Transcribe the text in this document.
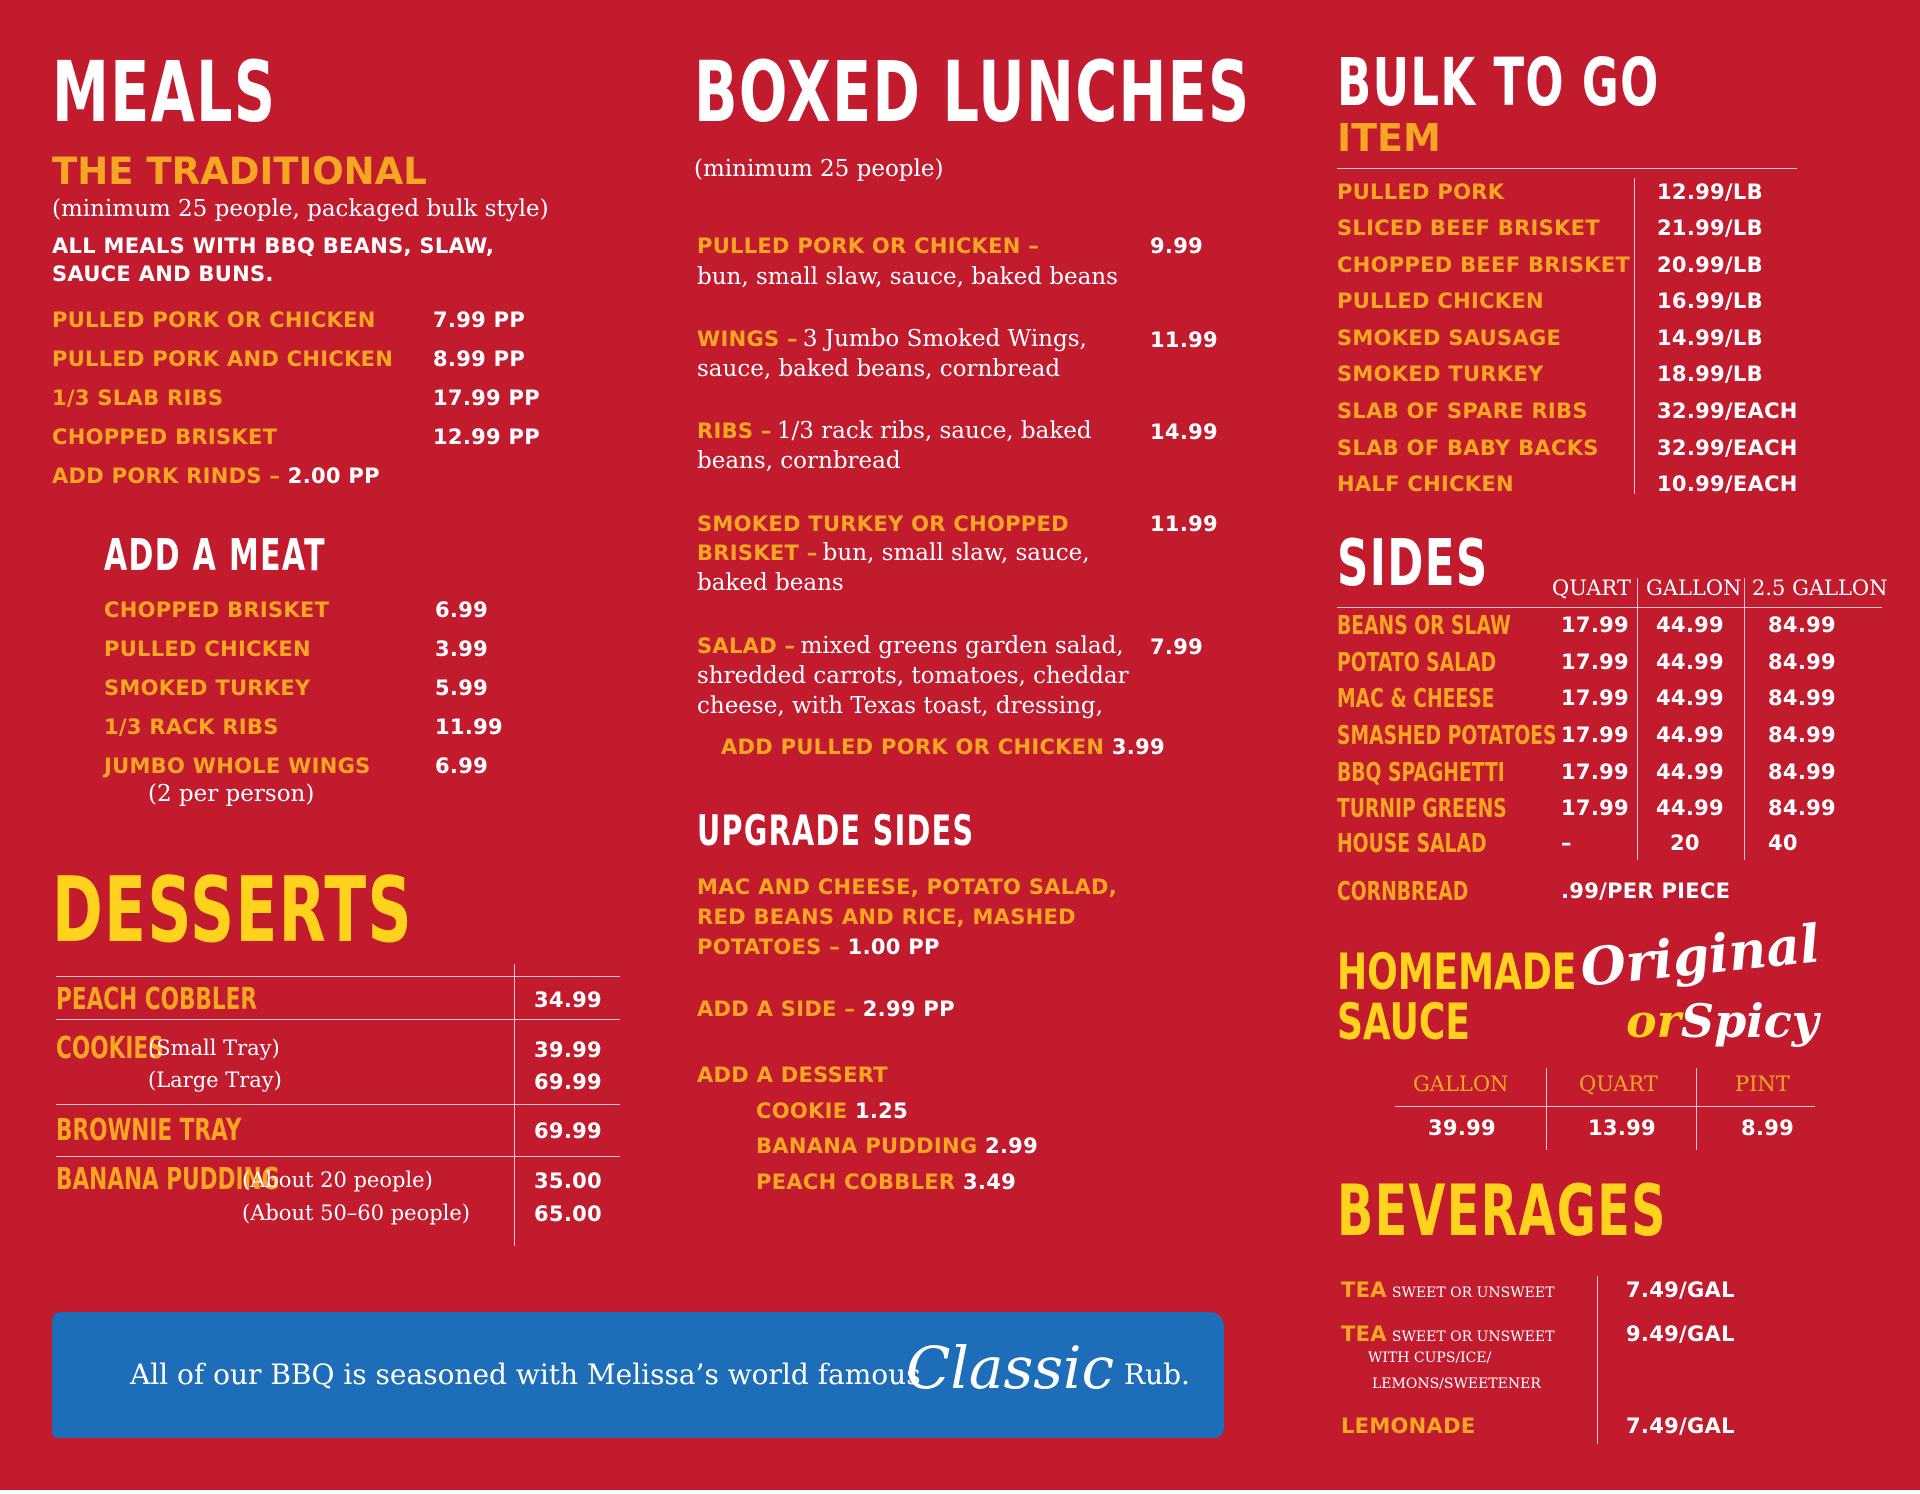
MEALS
THE TRADITIONAL
(minimum 25 people, packaged bulk style)
ALL MEALS WITH BBQ BEANS, SLAW,
SAUCE AND BUNS.
PULLED PORK OR CHICKEN	7.99 PP
PULLED PORK AND CHICKEN 8.99 PP
1/3 SLAB RIBS	17.99 PP
CHOPPED BRISKET	12.99 PP
ADD PORK RINDS – 2.00 PP
ADD A MEAT
CHOPPED BRISKET	6.99
PULLED CHICKEN	3.99
SMOKED TURKEY	5.99
1/3 RACK RIBS	11.99
JUMBO WHOLE WINGS	6.99
(2 per person)
DESSERTS
PEACH COBBLER	34.99
COOKIES
(Small Tray)	39.99
(Large Tray)	69.99
BROWNIE TRAY	69.99
BANANA PUDDING
(About 20 people)	35.00
(About 50–60 people)	65.00
BOXED LUNCHES
(minimum 25 people)
PULLED PORK OR CHICKEN –	9.99
bun, small slaw, sauce, baked beans
WINGS – 3 Jumbo Smoked Wings,	11.99
sauce, baked beans, cornbread
RIBS – 1/3 rack ribs, sauce, baked	14.99
beans, cornbread
SMOKED TURKEY OR CHOPPED	11.99
BRISKET – bun, small slaw, sauce,
baked beans
SALAD – mixed greens garden salad, 7.99
shredded carrots, tomatoes, cheddar
cheese, with Texas toast, dressing,
ADD PULLED PORK OR CHICKEN 3.99
UPGRADE SIDES
MAC AND CHEESE, POTATO SALAD,
RED BEANS AND RICE, MASHED
POTATOES – 1.00 PP
ADD A SIDE – 2.99 PP
ADD A DESSERT
COOKIE 1.25
BANANA PUDDING 2.99
PEACH COBBLER 3.49
BULK TO GO
ITEM
PULLED PORK	12.99/LB
SLICED BEEF BRISKET	21.99/LB
CHOPPED BEEF BRISKET 20.99/LB
PULLED CHICKEN	16.99/LB
SMOKED SAUSAGE	14.99/LB
SMOKED TURKEY	18.99/LB
SLAB OF SPARE RIBS	32.99/EACH
SLAB OF BABY BACKS	32.99/EACH
HALF CHICKEN	10.99/EACH
SIDES	QUART GALLON 2.5 GALLON
BEANS OR SLAW 17.99 44.99 84.99
POTATO SALAD	17.99 44.99 84.99
MAC & CHEESE	17.99 44.99 84.99
SMASHED POTATOES 17.99 44.99 84.99
BBQ SPAGHETTI	17.99 44.99 84.99
TURNIP GREENS	17.99 44.99 84.99
HOUSE SALAD	–	20	40
CORNBREAD	.99/PER PIECE
HOMEMADE
SAUCE
Original
orSpicy
GALLON	QUART	PINT
39.99	13.99	8.99
BEVERAGES
TEA SWEET OR UNSWEET	7.49/GAL
TEA SWEET OR UNSWEET
WITH CUPS/ICE/
LEMONS/SWEETENER
9.49/GAL
LEMONADE	7.49/GAL
All of our BBQ is seasoned with Melissa’s world famous
Classic Rub.
